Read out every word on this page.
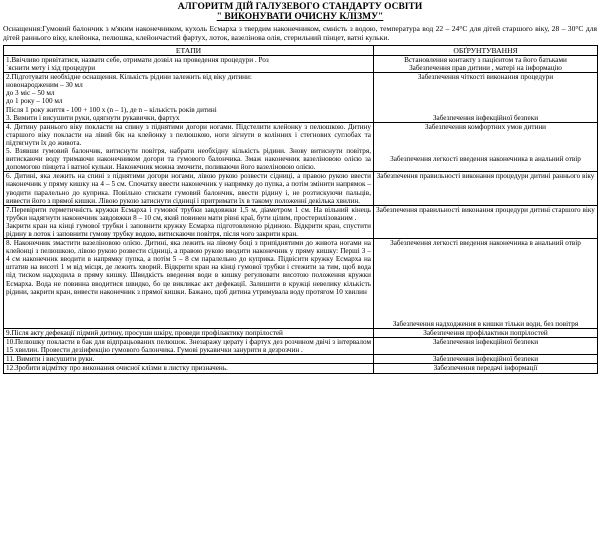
АЛГОРИТМ ДІЙ ГАЛУЗЕВОГО СТАНДАРТУ ОСВІТИ
" ВИКОНУВАТИ ОЧИСНУ КЛІЗМУ"

Оснащення:Гумовий балончик з м'яким наконечником, кухоль Есмарха з твердим наконечником, ємність з водою, температура вод 22 – 24°С для дітей старшого віку, 28 – 30°С для дітей раннього віку, клейонка, пелюшка, клейончастий фартух, лоток, вазелінова олія, стерильний пінцет, ватні кульки.

ЕТАПИ	ОБҐРУНТУВАННЯ

1.Ввічливо привітатися, назвати себе, отримати дозвіл на проведення процедури . Роз
`яснити мету і хід процедури

Встановлення контакту з пацієнтом та його батьками
Забезпечення прав дитини , матері на інформацію

2.Підготувати необхідне оснащення. Кількість рідини залежить від віку дитини:
новонародженим – 30 мл
до 3 міс – 50 мл
до 1 року – 100 мл
Після 1 року життя - 100 + 100 х (n – 1), де n – кількість років дитині
3. Вимити і висушити руки, одягнути рукавички, фартух

Забезпечення чіткості виконання процедури

Забезпечення інфекційної безпеки

4. Дитину раннього віку покласти на спину з піднятими догори ногами. Підстелити клейонку з пелюшкою. Дитину старшого віку покласти на лівий бік на клейонку з пелюшкою, ноги зігнути в колінних і стегнових суглобах та підтягнути їх до живота.
5. Взявши гумовий балончик, витиснути повітря, набрати необхідну кількість рідини. Знову витиснути повітря, витискаючи воду тримаючи наконечником догори та гумового балончика. Змаж наконечник вазеліновою олією за допомогою пінцета і ватної кульки. Наконечник можна змочити, поливаючи його вазеліновою олією.

Забезпечення комфортних умов дитини

Забезпечення легкості введення наконечника в анальний отвір

6. Дитині, яка лежить на спині з піднятими догори ногами, лівою рукою розвести сідниці, а правою рукою ввести наконечник у пряму кишку на 4 – 5 см. Спочатку ввести наконечник у напрямку до пупка, а потім змінити напрямок – уводити паралельно до куприка. Повільно стискати гумовий балончик, ввести рідину і, не розтискуючи пальців, вивести його з прямої кишки. Лівою рукою затиснути сідниці і притримати їх в такому положенні декілька хвилин.

Забезпечення правильності виконання процедури дитині раннього віку

7.Перевірити герметичність кружки Есмарха і гумової трубки завдовжки 1,5 м, діаметром 1 см. На вільний кінець трубки надягнути наконечник завдовжки 8 – 10 см, який повинен мати рівні краї, бути цілим, простерилізованим .
Закрити кран на кінці гумової трубки і заповнити кружку Есмарха підготовленою рідиною. Відкрити кран, спустити рідину в лоток і заповнити гумову трубку водою, витискаючи повітря, після чого закрити кран.

Забезпечення правильності виконання процедури дитині старшого віку

8. Наконечник змастити вазеліновою олією. Дитині, яка лежить на лівому боці з припіднятими до живота ногами на клейонці з пелюшкою, лівою рукою розвести сідниці, а правою рукою вводити наконечник у пряму кишку: Перші 3 – 4 см наконечник вводити в напрямку пупка, а потім 5 – 8 см паралельно до куприка. Підвісити кружку Есмарха на штатив на висоті 1 м від місця, де лежить хворий. Відкрити кран на кінці гумової трубки і стежити за тим, щоб вода під тиском надходила в пряму кишку. Швидкість введення води в кишку регулювати висотою положення кружки Есмарха. Вода не повинна вводитися швидко, бо це викликає акт дефекації. Залишити в кружці невелику кількість рідини, закрити кран, вивести наконечник з прямої кишки. Бажано, щоб дитина утримувала воду протягом 10 хвилин

Забезпечення легкості введення наконечника в анальний отвір

Забезпечення надходження в кишки тільки води, без повітря

9.Після акту дефекації підмий дитину, просуши шкіру, проведи профілактику попрілостей	Забезпечення профілактики попрілостей

10.Пелюшку покласти в бак для відпрацьованих пелюшок. Знезаражу церату і фартух дез розчином двічі з інтервалом 15 хвилин. Провести дезінфекцію гумового балончика. Гумові рукавички занурити в дезрозчин .

Забезпечення інфекційної безпеки

11. Вимити і висушити руки.	Забезпечення інфекційної безпеки

12.Зробити відмітку про виконання очисної клізми в листку призначень.	Забезпечення передачі інформації
